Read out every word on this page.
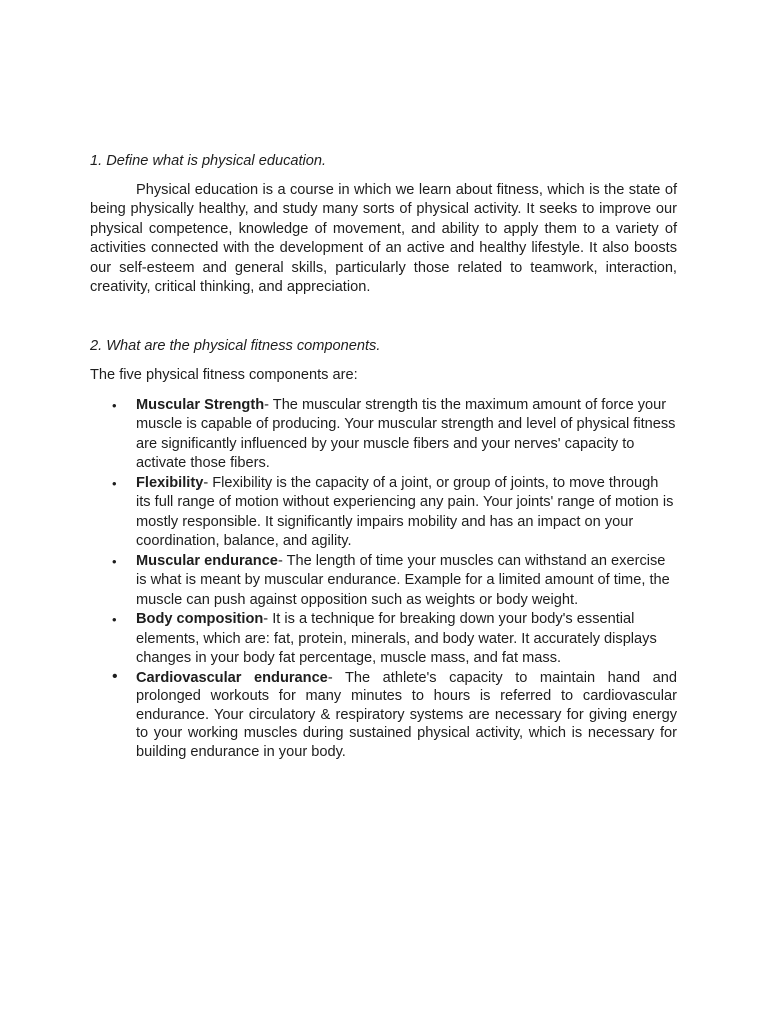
1. Define what is physical education.

Physical education is a course in which we learn about fitness, which is the state of being physically healthy, and study many sorts of physical activity. It seeks to improve our physical competence, knowledge of movement, and ability to apply them to a variety of activities connected with the development of an active and healthy lifestyle. It also boosts our self-esteem and general skills, particularly those related to teamwork, interaction, creativity, critical thinking, and appreciation.

2. What are the physical fitness components.

The five physical fitness components are:

• Muscular Strength- The muscular strength tis the maximum amount of force your muscle is capable of producing. Your muscular strength and level of physical fitness are significantly influenced by your muscle fibers and your nerves' capacity to activate those fibers.
• Flexibility- Flexibility is the capacity of a joint, or group of joints, to move through its full range of motion without experiencing any pain. Your joints' range of motion is mostly responsible. It significantly impairs mobility and has an impact on your coordination, balance, and agility.
• Muscular endurance- The length of time your muscles can withstand an exercise is what is meant by muscular endurance. Example for a limited amount of time, the muscle can push against opposition such as weights or body weight.
• Body composition- It is a technique for breaking down your body's essential elements, which are: fat, protein, minerals, and body water. It accurately displays changes in your body fat percentage, muscle mass, and fat mass.
• Cardiovascular endurance- The athlete's capacity to maintain hand and prolonged workouts for many minutes to hours is referred to cardiovascular endurance. Your circulatory & respiratory systems are necessary for giving energy to your working muscles during sustained physical activity, which is necessary for building endurance in your body.
